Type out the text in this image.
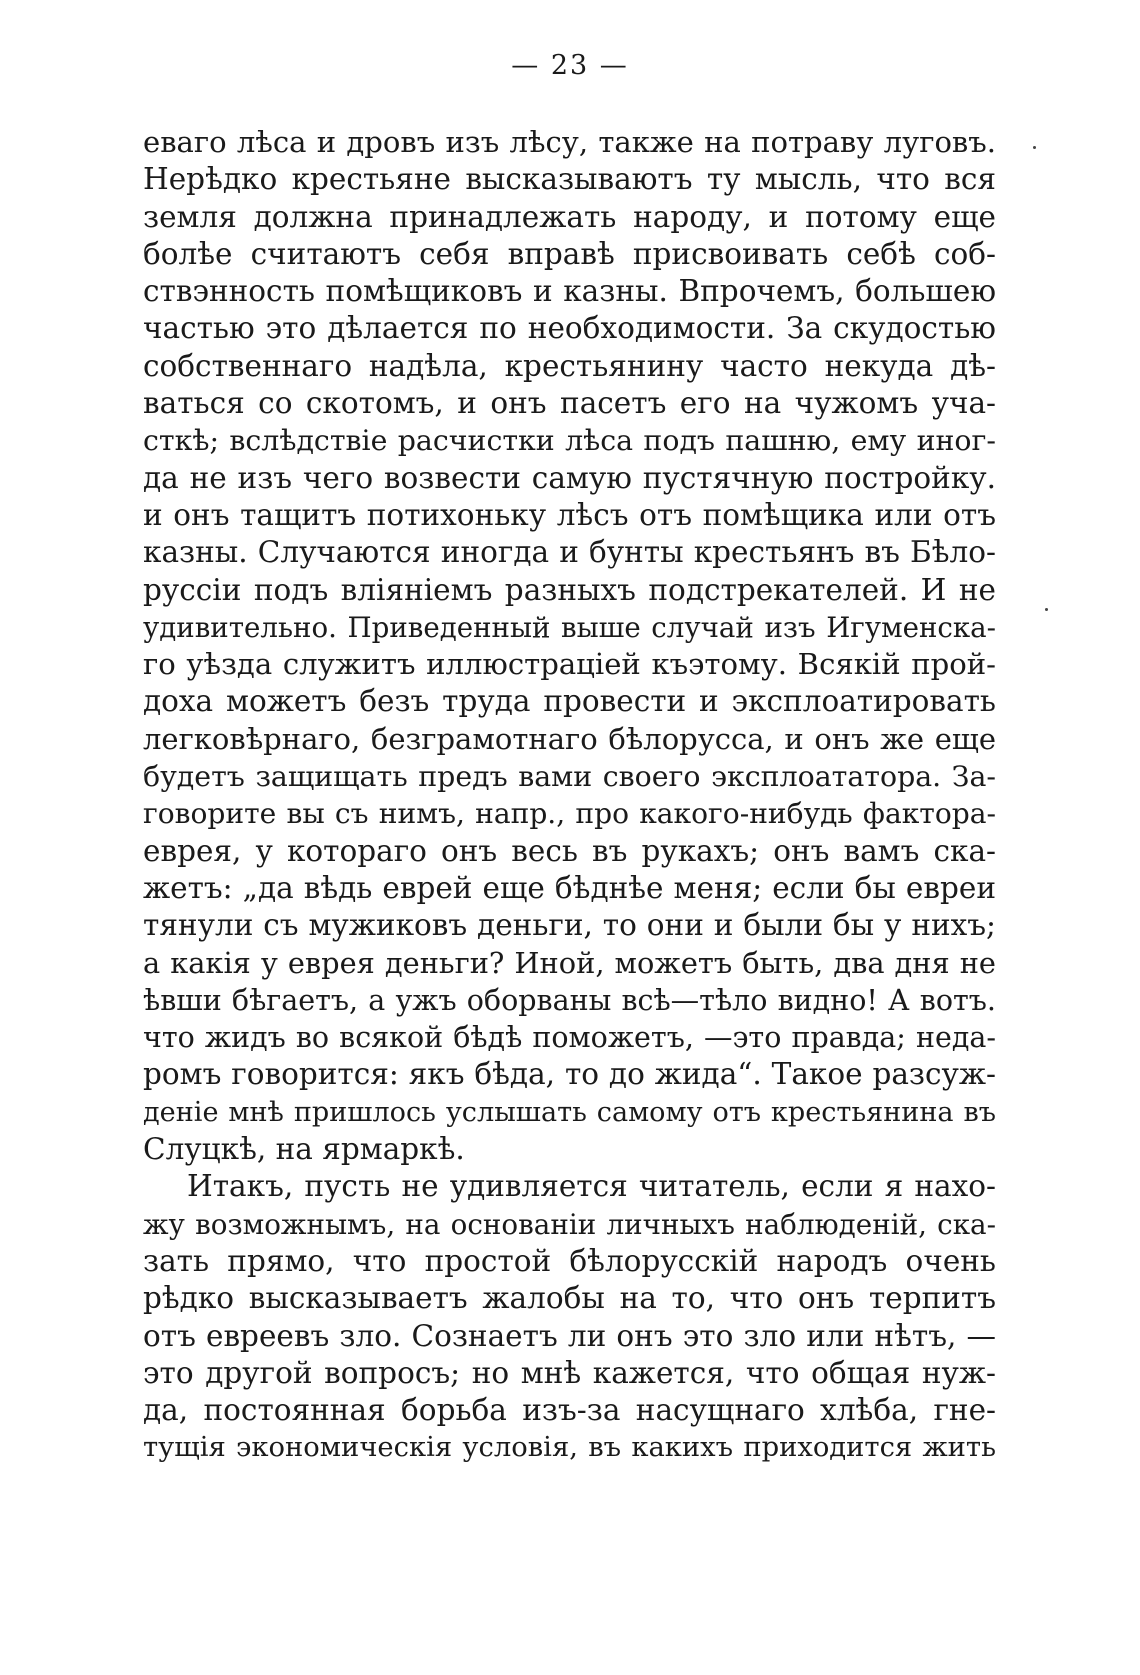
— 23 —
еваго лѣса и дровъ изъ лѣсу, также на потраву луговъ.
Нерѣдко крестьяне высказываютъ ту мысль, что вся
земля должна принадлежать народу, и потому еще
болѣе считаютъ себя вправѣ присвоивать себѣ соб-
ствэнность помѣщиковъ и казны. Впрочемъ, большею
частью это дѣлается по необходимости. За скудостью
собственнаго надѣла, крестьянину часто некуда дѣ-
ваться со скотомъ, и онъ пасетъ его на чужомъ уча-
сткѣ; вслѣдствіе расчистки лѣса подъ пашню, ему иног-
да не изъ чего возвести самую пустячную постройку.
и онъ тащитъ потихоньку лѣсъ отъ помѣщика или отъ
казны. Случаются иногда и бунты крестьянъ въ Бѣло-
руссіи подъ вліяніемъ разныхъ подстрекателей. И не
удивительно. Приведенный выше случай изъ Игуменска-
го уѣзда служитъ иллюстраціей къэтому. Всякій прой-
доха можетъ безъ труда провести и эксплоатировать
легковѣрнаго, безграмотнаго бѣлорусса, и онъ же еще
будетъ защищать предъ вами своего эксплоататора. За-
говорите вы съ нимъ, напр., про какого-нибудь фактора-
еврея, у котораго онъ весь въ рукахъ; онъ вамъ ска-
жетъ: „да вѣдь еврей еще бѣднѣе меня; если бы евреи
тянули съ мужиковъ деньги, то они и были бы у нихъ;
а какія у еврея деньги? Иной, можетъ быть, два дня не
ѣвши бѣгаетъ, а ужъ оборваны всѣ—тѣло видно! А вотъ.
что жидъ во всякой бѣдѣ поможетъ, —это правда; неда-
ромъ говорится: якъ бѣда, то до жида“. Такое разсуж-
деніе мнѣ пришлось услышать самому отъ крестьянина въ
Слуцкѣ, на ярмаркѣ.
Итакъ, пусть не удивляется читатель, если я нахо-
жу возможнымъ, на основаніи личныхъ наблюденій, ска-
зать прямо, что простой бѣлорусскій народъ очень
рѣдко высказываетъ жалобы на то, что онъ терпитъ
отъ евреевъ зло. Сознаетъ ли онъ это зло или нѣтъ, —
это другой вопросъ; но мнѣ кажется, что общая нуж-
да, постоянная борьба изъ-за насущнаго хлѣба, гне-
тущія экономическія условія, въ какихъ приходится жить
